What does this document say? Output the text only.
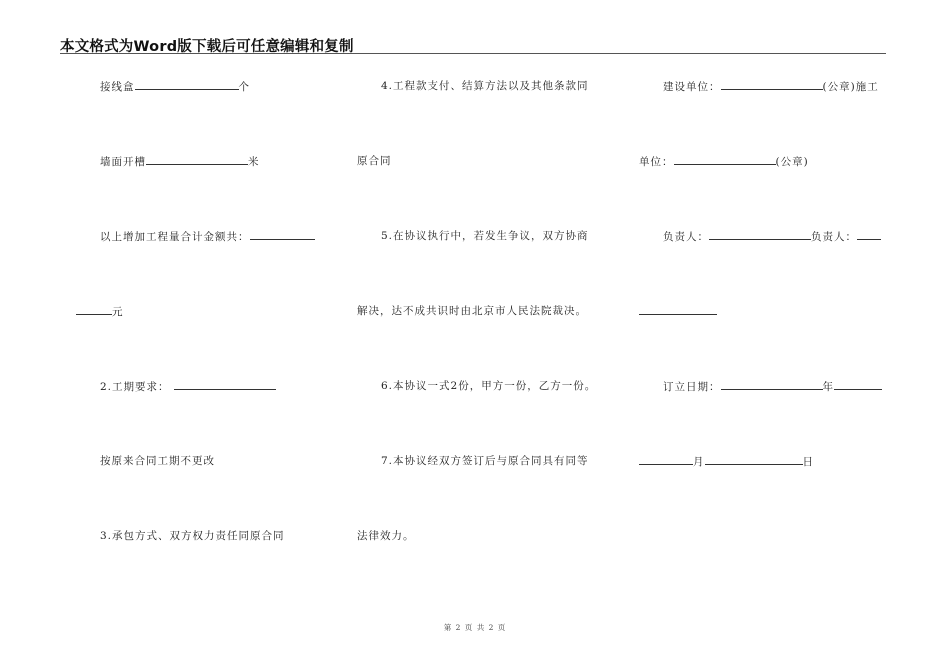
本文格式为Word版下载后可任意编辑和复制
接线盒	个
墙面开槽	米
以上增加工程量合计金额共：
元
2.工期要求：
按原来合同工期不更改
3.承包方式、双方权力责任同原合同
4.工程款支付、结算方法以及其他条款同
原合同
5.在协议执行中，若发生争议，双方协商
解决，达不成共识时由北京市人民法院裁决。
6.本协议一式2份，甲方一份，乙方一份。
7.本协议经双方签订后与原合同具有同等
法律效力。
建设单位：	(公章)施工
单位：	(公章)
负责人：	负责人：
订立日期：	年
月	日
第 2 页 共 2 页
